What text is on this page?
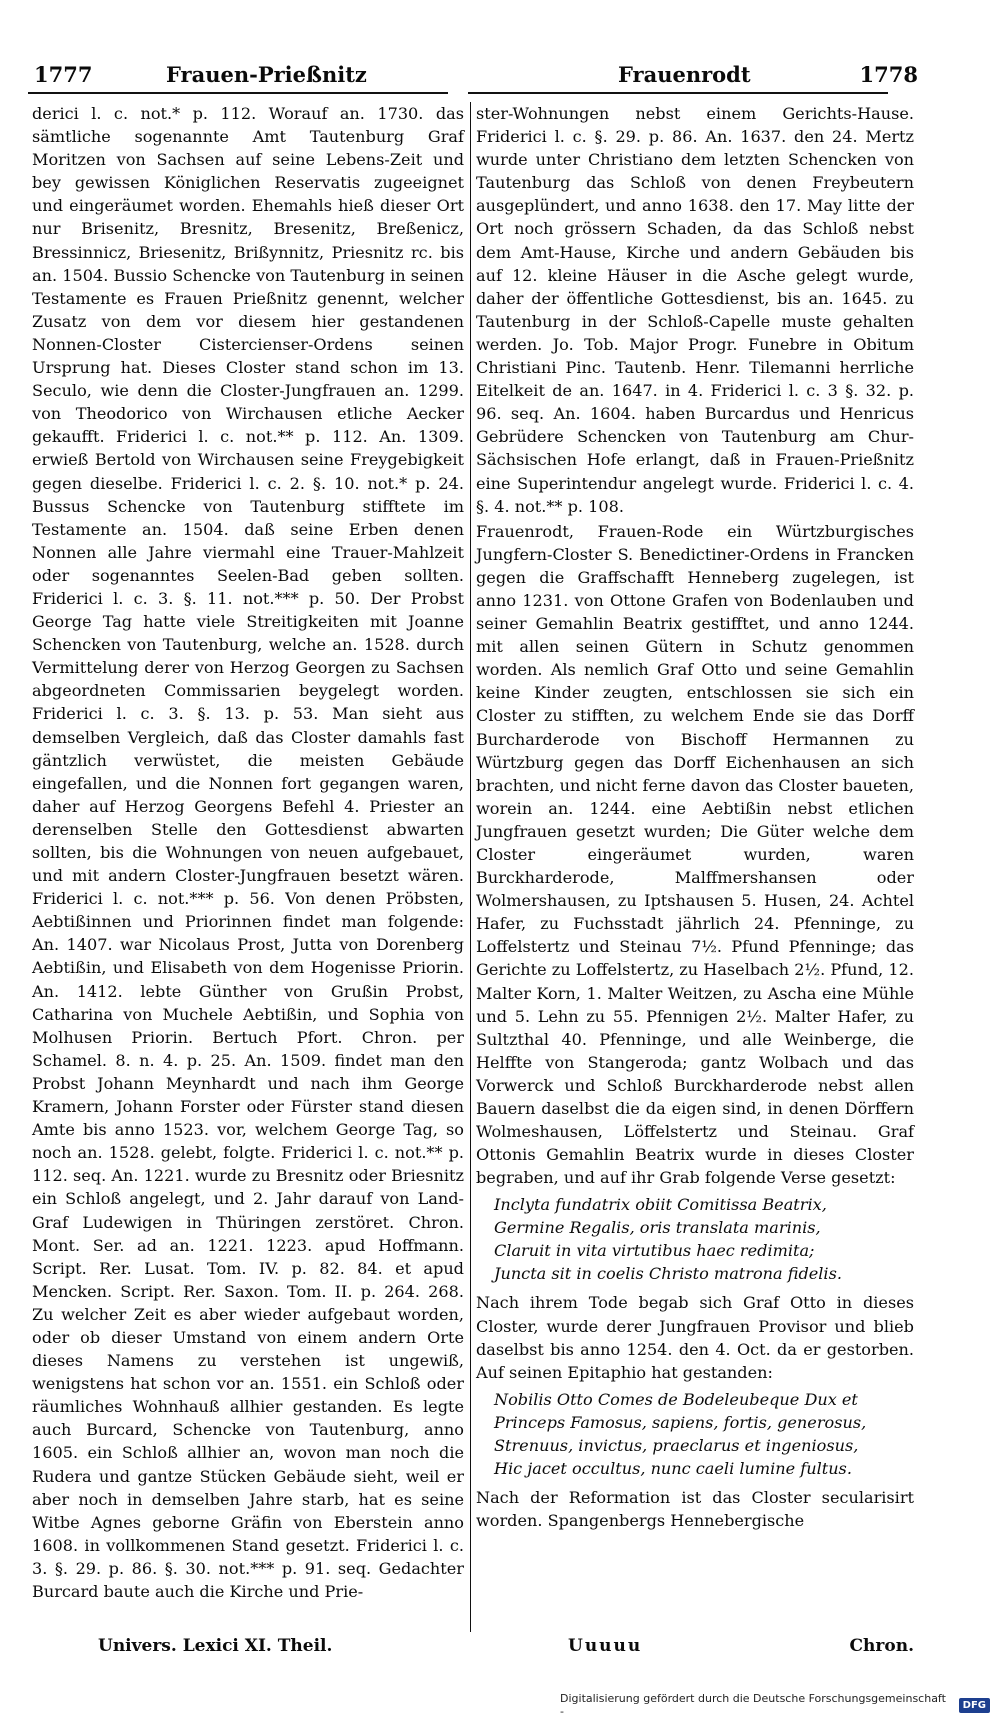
1777	Frauen-Prießnitz	Frauenrodt	1778

derici l. c. not.* p. 112. Worauf an. 1730. das sämtliche sogenannte Amt Tautenburg Graf Moritzen von Sachsen auf seine Lebens-Zeit und bey gewissen Königlichen Reservatis zugeeignet und eingeräumet worden. Ehemahls hieß dieser Ort nur Brisenitz, Bresnitz, Bresenitz, Breßenicz, Bressinnicz, Briesenitz, Brißynnitz, Priesnitz rc. bis an. 1504. Bussio Schencke von Tautenburg in seinen Testamente es Frauen Prießnitz genennt, welcher Zusatz von dem vor diesem hier gestandenen Nonnen-Closter Cistercienser-Ordens seinen Ursprung hat. Dieses Closter stand schon im 13. Seculo, wie denn die Closter-Jungfrauen an. 1299. von Theodorico von Wirchausen etliche Aecker gekaufft. Friderici l. c. not.** p. 112. An. 1309. erwieß Bertold von Wirchausen seine Freygebigkeit gegen dieselbe. Friderici l. c. 2. §. 10. not.* p. 24. Bussus Schencke von Tautenburg stifftete im Testamente an. 1504. daß seine Erben denen Nonnen alle Jahre viermahl eine Trauer-Mahlzeit oder sogenanntes Seelen-Bad geben sollten. Friderici l. c. 3. §. 11. not.*** p. 50. Der Probst George Tag hatte viele Streitigkeiten mit Joanne Schencken von Tautenburg, welche an. 1528. durch Vermittelung derer von Herzog Georgen zu Sachsen abgeordneten Commissarien beygelegt worden. Friderici l. c. 3. §. 13. p. 53. Man sieht aus demselben Vergleich, daß das Closter damahls fast gäntzlich verwüstet, die meisten Gebäude eingefallen, und die Nonnen fort gegangen waren, daher auf Herzog Georgens Befehl 4. Priester an derenselben Stelle den Gottesdienst abwarten sollten, bis die Wohnungen von neuen aufgebauet, und mit andern Closter-Jungfrauen besetzt wären. Friderici l. c. not.*** p. 56. Von denen Pröbsten, Aebtißinnen und Priorinnen findet man folgende: An. 1407. war Nicolaus Prost, Jutta von Dorenberg Aebtißin, und Elisabeth von dem Hogenisse Priorin. An. 1412. lebte Günther von Grußin Probst, Catharina von Muchele Aebtißin, und Sophia von Molhusen Priorin. Bertuch Pfort. Chron. per Schamel. 8. n. 4. p. 25. An. 1509. findet man den Probst Johann Meynhardt und nach ihm George Kramern, Johann Forster oder Fürster stand diesen Amte bis anno 1523. vor, welchem George Tag, so noch an. 1528. gelebt, folgte. Friderici l. c. not.** p. 112. seq. An. 1221. wurde zu Bresnitz oder Briesnitz ein Schloß angelegt, und 2. Jahr darauf von Land-Graf Ludewigen in Thüringen zerstöret. Chron. Mont. Ser. ad an. 1221. 1223. apud Hoffmann. Script. Rer. Lusat. Tom. IV. p. 82. 84. et apud Mencken. Script. Rer. Saxon. Tom. II. p. 264. 268. Zu welcher Zeit es aber wieder aufgebaut worden, oder ob dieser Umstand von einem andern Orte dieses Namens zu verstehen ist ungewiß, wenigstens hat schon vor an. 1551. ein Schloß oder räumliches Wohnhauß allhier gestanden. Es legte auch Burcard, Schencke von Tautenburg, anno 1605. ein Schloß allhier an, wovon man noch die Rudera und gantze Stücken Gebäude sieht, weil er aber noch in demselben Jahre starb, hat es seine Witbe Agnes geborne Gräfin von Eberstein anno 1608. in vollkommenen Stand gesetzt. Friderici l. c. 3. §. 29. p. 86. §. 30. not.*** p. 91. seq. Gedachter Burcard baute auch die Kirche und Prie-

ster-Wohnungen nebst einem Gerichts-Hause. Friderici l. c. §. 29. p. 86. An. 1637. den 24. Mertz wurde unter Christiano dem letzten Schencken von Tautenburg das Schloß von denen Freybeutern ausgeplündert, und anno 1638. den 17. May litte der Ort noch grössern Schaden, da das Schloß nebst dem Amt-Hause, Kirche und andern Gebäuden bis auf 12. kleine Häuser in die Asche gelegt wurde, daher der öffentliche Gottesdienst, bis an. 1645. zu Tautenburg in der Schloß-Capelle muste gehalten werden. Jo. Tob. Major Progr. Funebre in Obitum Christiani Pinc. Tautenb. Henr. Tilemanni herrliche Eitelkeit de an. 1647. in 4. Friderici l. c. 3 §. 32. p. 96. seq. An. 1604. haben Burcardus und Henricus Gebrüdere Schencken von Tautenburg am Chur-Sächsischen Hofe erlangt, daß in Frauen-Prießnitz eine Superintendur angelegt wurde. Friderici l. c. 4. §. 4. not.** p. 108.

Frauenrodt, Frauen-Rode ein Würtzburgisches Jungfern-Closter S. Benedictiner-Ordens in Francken gegen die Graffschafft Henneberg zugelegen, ist anno 1231. von Ottone Grafen von Bodenlauben und seiner Gemahlin Beatrix gestifftet, und anno 1244. mit allen seinen Gütern in Schutz genommen worden. Als nemlich Graf Otto und seine Gemahlin keine Kinder zeugten, entschlossen sie sich ein Closter zu stifften, zu welchem Ende sie das Dorff Burcharderode von Bischoff Hermannen zu Würtzburg gegen das Dorff Eichenhausen an sich brachten, und nicht ferne davon das Closter baueten, worein an. 1244. eine Aebtißin nebst etlichen Jungfrauen gesetzt wurden; Die Güter welche dem Closter eingeräumet wurden, waren Burckharderode, Malffmershansen oder Wolmershausen, zu Iptshausen 5. Husen, 24. Achtel Hafer, zu Fuchsstadt jährlich 24. Pfenninge, zu Loffelstertz und Steinau 7½. Pfund Pfenninge; das Gerichte zu Loffelstertz, zu Haselbach 2½. Pfund, 12. Malter Korn, 1. Malter Weitzen, zu Ascha eine Mühle und 5. Lehn zu 55. Pfennigen 2½. Malter Hafer, zu Sultzthal 40. Pfenninge, und alle Weinberge, die Helffte von Stangeroda; gantz Wolbach und das Vorwerck und Schloß Burckharderode nebst allen Bauern daselbst die da eigen sind, in denen Dörffern Wolmeshausen, Löffelstertz und Steinau. Graf Ottonis Gemahlin Beatrix wurde in dieses Closter begraben, und auf ihr Grab folgende Verse gesetzt:

Inclyta fundatrix obiit Comitissa Beatrix,
Germine Regalis, oris translata marinis,
Claruit in vita virtutibus haec redimita;
Juncta sit in coelis Christo matrona fidelis.

Nach ihrem Tode begab sich Graf Otto in dieses Closter, wurde derer Jungfrauen Provisor und blieb daselbst bis anno 1254. den 4. Oct. da er gestorben. Auf seinen Epitaphio hat gestanden:

Nobilis Otto Comes de Bodeleubeque Dux et
Princeps Famosus, sapiens, fortis, generosus,
Strenuus, invictus, praeclarus et ingeniosus,
Hic jacet occultus, nunc caeli lumine fultus.

Nach der Reformation ist das Closter secularisirt worden. Spangenbergs Hennebergische

Univers. Lexici XI. Theil.	Uuuuu	Chron.
Digitalisierung gefördert durch die Deutsche Forschungsgemeinschaft -	DFG
